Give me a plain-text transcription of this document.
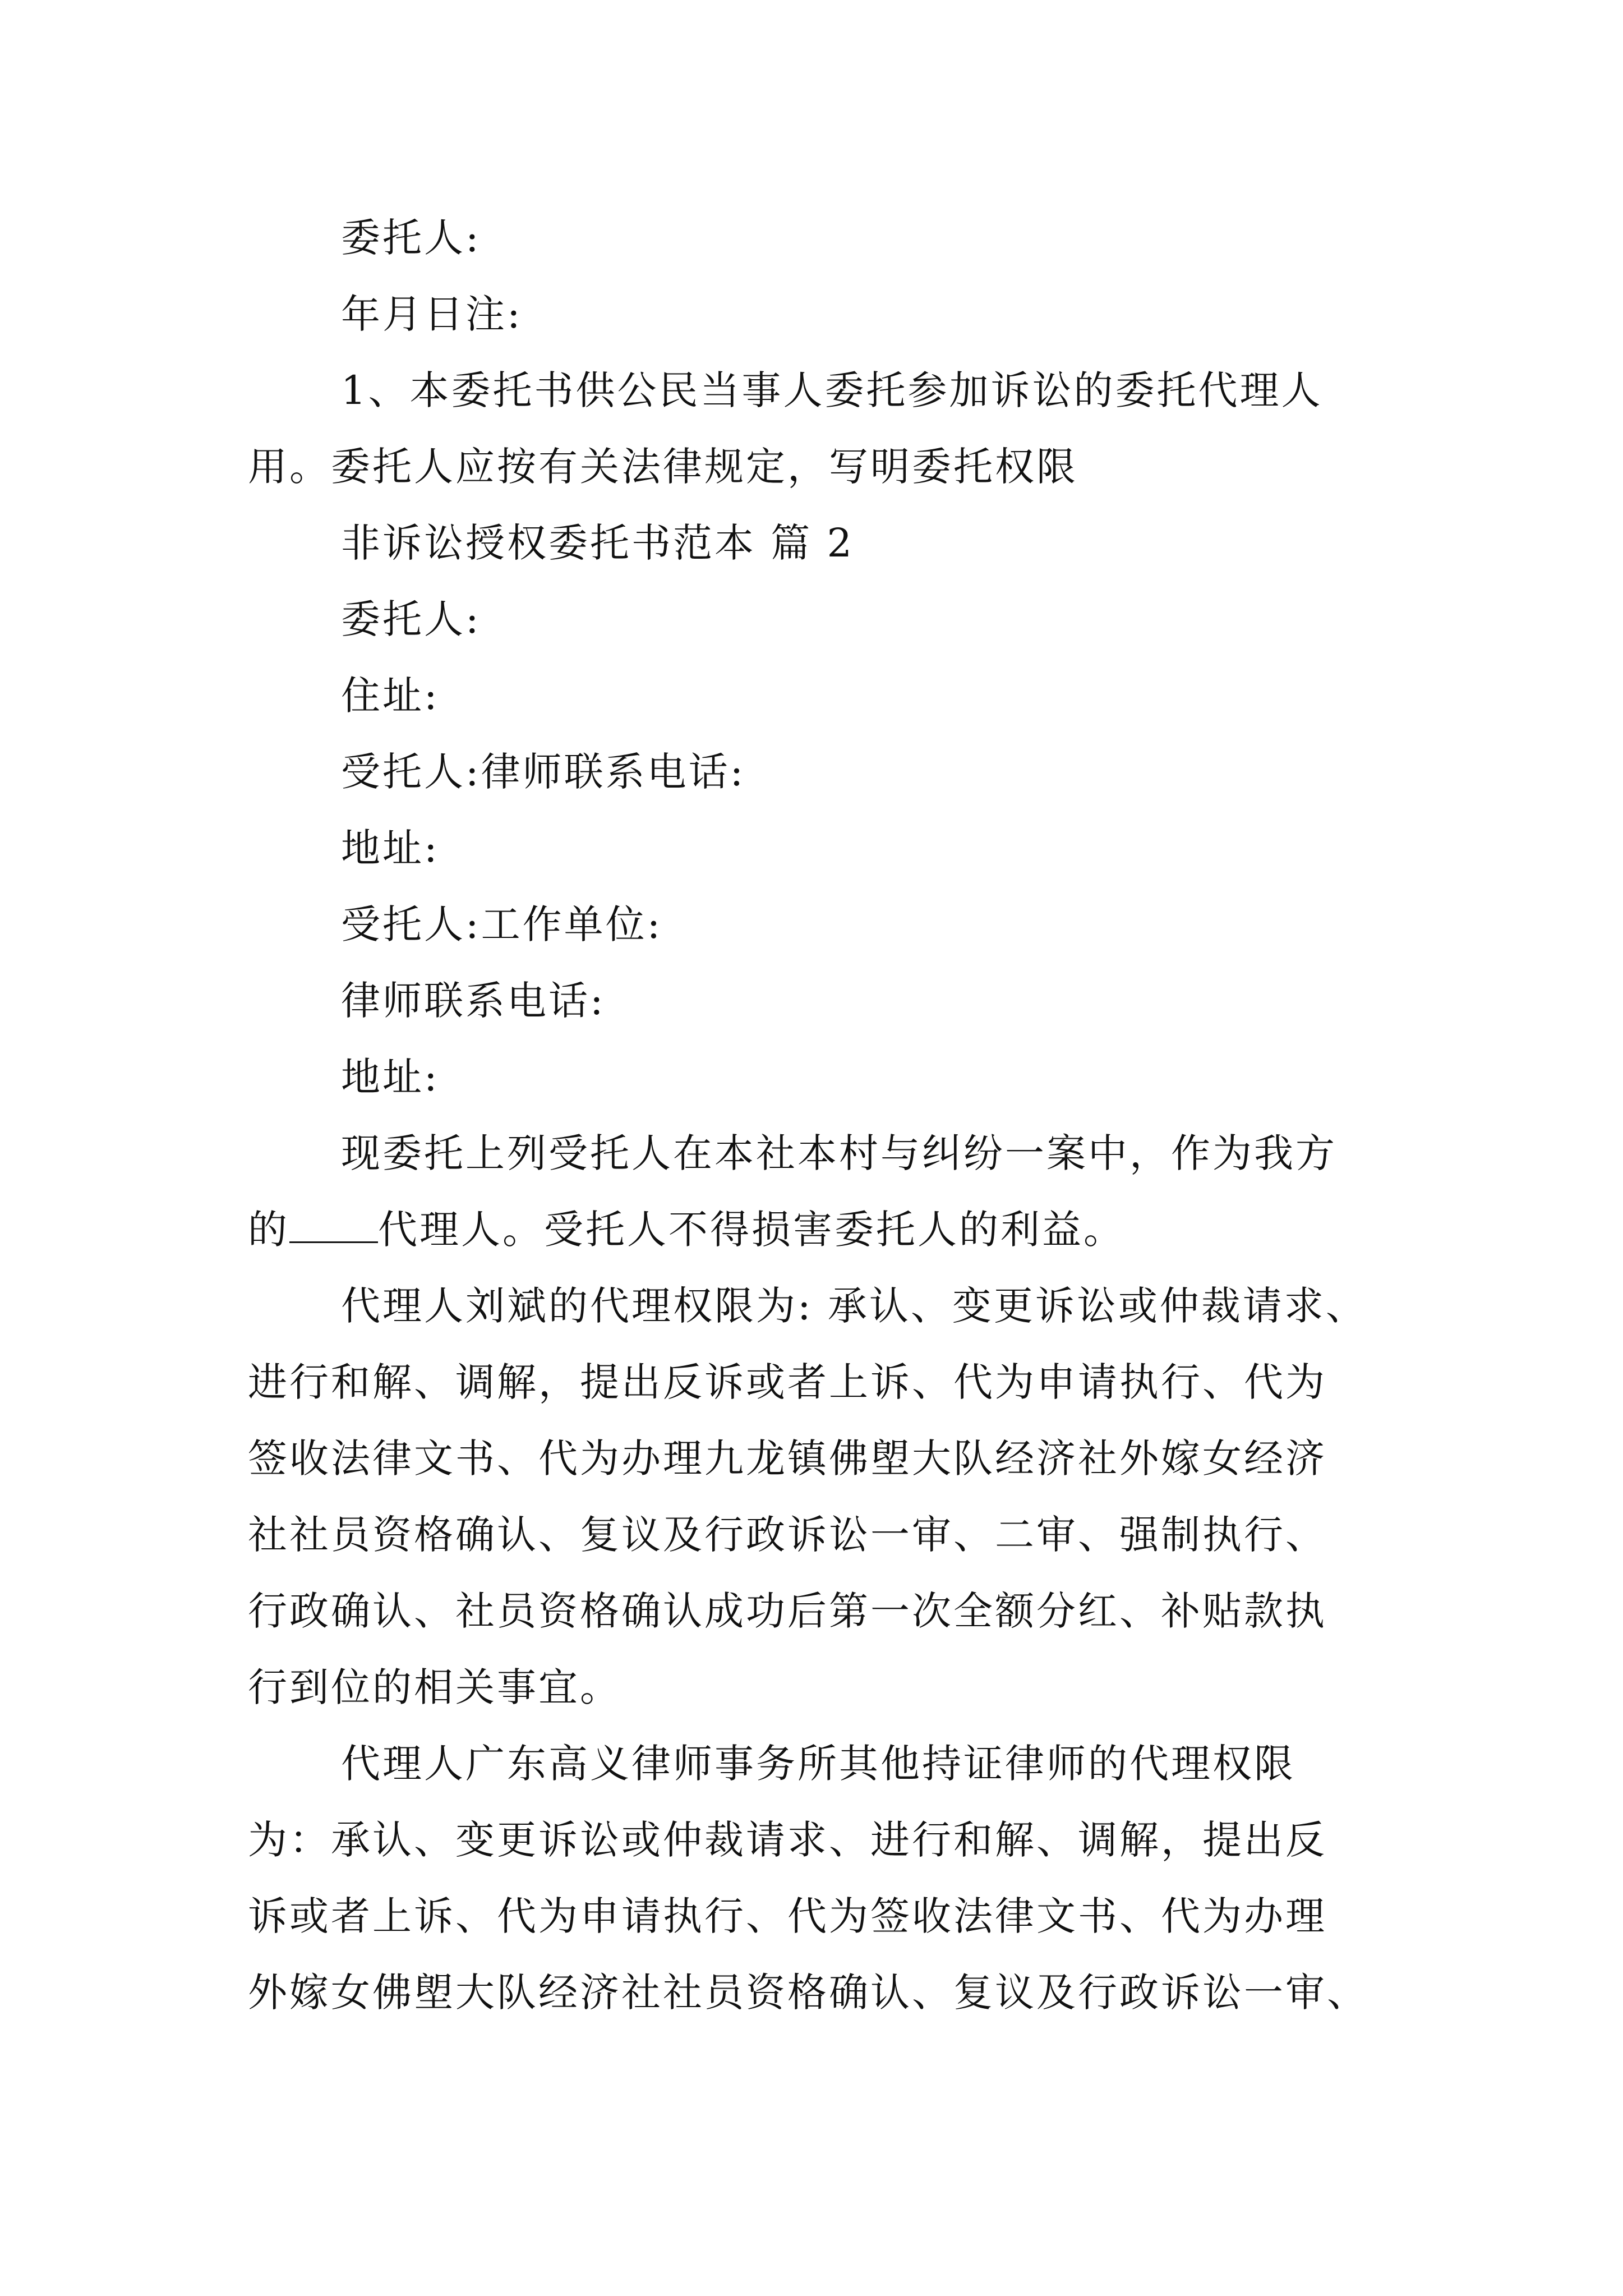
委托人:

年月日注:

1、本委托书供公民当事人委托参加诉讼的委托代理人

用。委托人应按有关法律规定，写明委托权限

非诉讼授权委托书范本 篇 2

委托人:

住址:

受托人:律师联系电话:

地址:

受托人:工作单位:

律师联系电话:

地址:

现委托上列受托人在本社本村与纠纷一案中，作为我方

的 代理人。受托人不得损害委托人的利益。

代理人刘斌的代理权限为: 承认、变更诉讼或仲裁请求、

进行和解、调解，提出反诉或者上诉、代为申请执行、代为

签收法律文书、代为办理九龙镇佛塱大队经济社外嫁女经济

社社员资格确认、复议及行政诉讼一审、二审、强制执行、

行政确认、社员资格确认成功后第一次全额分红、补贴款执

行到位的相关事宜。

代理人广东高义律师事务所其他持证律师的代理权限

为：承认、变更诉讼或仲裁请求、进行和解、调解，提出反

诉或者上诉、代为申请执行、代为签收法律文书、代为办理

外嫁女佛塱大队经济社社员资格确认、复议及行政诉讼一审、
